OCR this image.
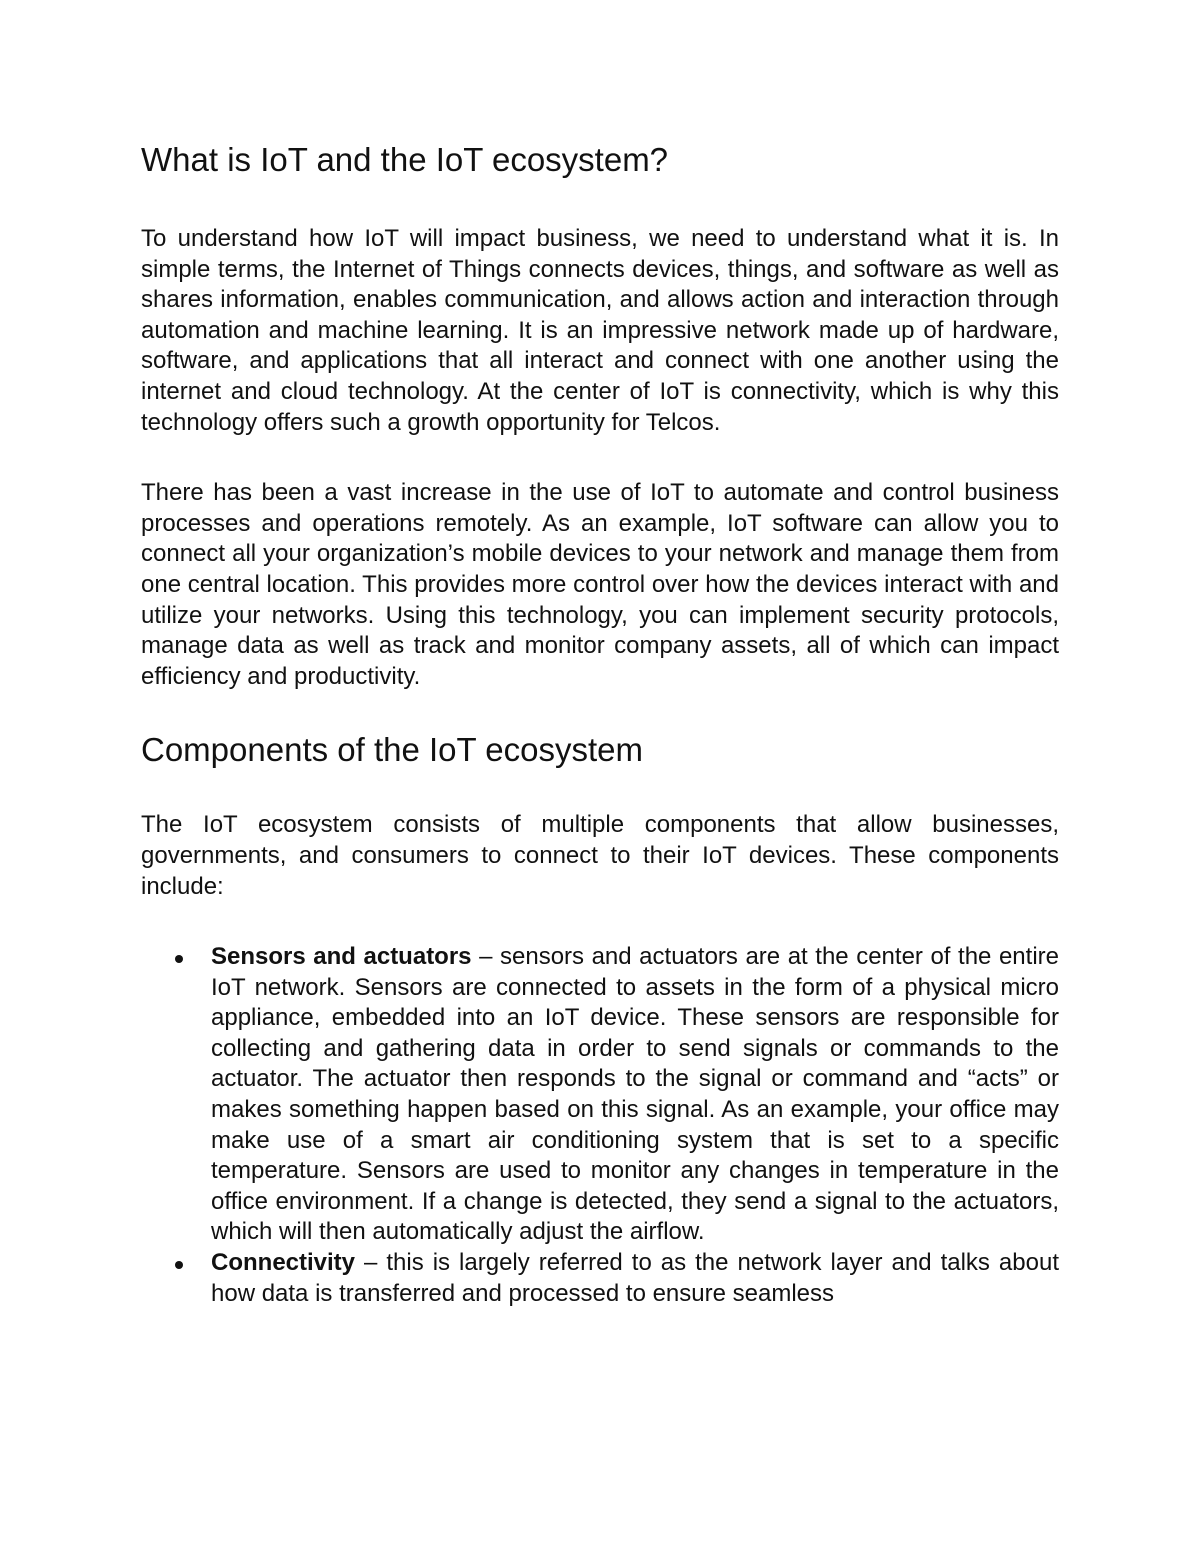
What is IoT and the IoT ecosystem?

To understand how IoT will impact business, we need to understand what it is. In simple terms, the Internet of Things connects devices, things, and software as well as shares information, enables communication, and allows action and interaction through automation and machine learning. It is an impressive network made up of hardware, software, and applications that all interact and connect with one another using the internet and cloud technology. At the center of IoT is connectivity, which is why this technology offers such a growth opportunity for Telcos.

There has been a vast increase in the use of IoT to automate and control business processes and operations remotely. As an example, IoT software can allow you to connect all your organization’s mobile devices to your network and manage them from one central location. This provides more control over how the devices interact with and utilize your networks. Using this technology, you can implement security protocols, manage data as well as track and monitor company assets, all of which can impact efficiency and productivity.

Components of the IoT ecosystem

The IoT ecosystem consists of multiple components that allow businesses, governments, and consumers to connect to their IoT devices. These components include:

Sensors and actuators – sensors and actuators are at the center of the entire IoT network. Sensors are connected to assets in the form of a physical micro appliance, embedded into an IoT device. These sensors are responsible for collecting and gathering data in order to send signals or commands to the actuator. The actuator then responds to the signal or command and “acts” or makes something happen based on this signal. As an example, your office may make use of a smart air conditioning system that is set to a specific temperature. Sensors are used to monitor any changes in temperature in the office environment. If a change is detected, they send a signal to the actuators, which will then automatically adjust the airflow.
Connectivity – this is largely referred to as the network layer and talks about how data is transferred and processed to ensure seamless
